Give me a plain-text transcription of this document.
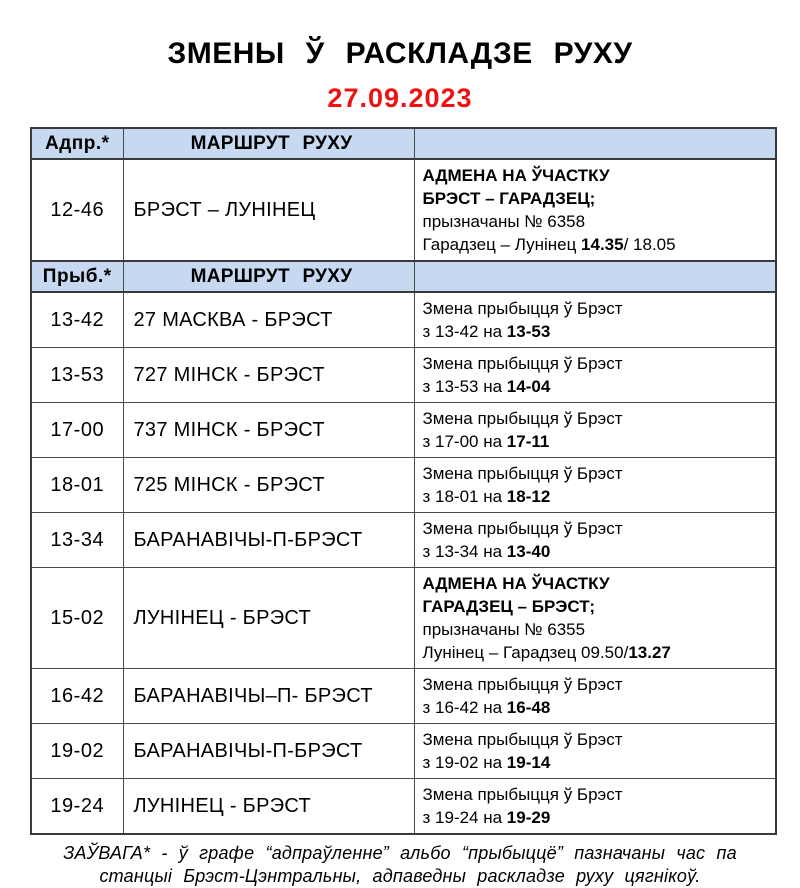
ЗМЕНЫ Ў РАСКЛАДЗЕ РУХУ
27.09.2023
Адпр.*	МАРШРУТ РУХУ	
12-46	БРЭСТ – ЛУНІНЕЦ	АДМЕНА НА ЎЧАСТКУ
БРЭСТ – ГАРАДЗЕЦ;
прызначаны № 6358
Гарадзец – Лунінец 14.35/ 18.05

Прыб.*	МАРШРУТ РУХУ	
13-42	27 МАСКВА - БРЭСТ	Змена прыбыцця ў Брэст
з 13-42 на 13-53

13-53	727 МІНСК - БРЭСТ	Змена прыбыцця ў Брэст
з 13-53 на 14-04

17-00	737 МІНСК - БРЭСТ	Змена прыбыцця ў Брэст
з 17-00 на 17-11

18-01	725 МІНСК - БРЭСТ	Змена прыбыцця ў Брэст
з 18-01 на 18-12

13-34	БАРАНАВІЧЫ-П-БРЭСТ	Змена прыбыцця ў Брэст
з 13-34 на 13-40

15-02	ЛУНІНЕЦ - БРЭСТ	АДМЕНА НА ЎЧАСТКУ
ГАРАДЗЕЦ – БРЭСТ;
прызначаны № 6355
Лунінец – Гарадзец 09.50/13.27

16-42	БАРАНАВІЧЫ–П- БРЭСТ	Змена прыбыцця ў Брэст
з 16-42 на 16-48

19-02	БАРАНАВІЧЫ-П-БРЭСТ	Змена прыбыцця ў Брэст
з 19-02 на 19-14

19-24	ЛУНІНЕЦ - БРЭСТ	Змена прыбыцця ў Брэст
з 19-24 на 19-29
ЗАЎВАГА* - ў графе “адпраўленне” альбо “прыбыццё” пазначаны час па
станцыі Брэст-Цэнтральны, адпаведны раскладзе руху цягнікоў.
